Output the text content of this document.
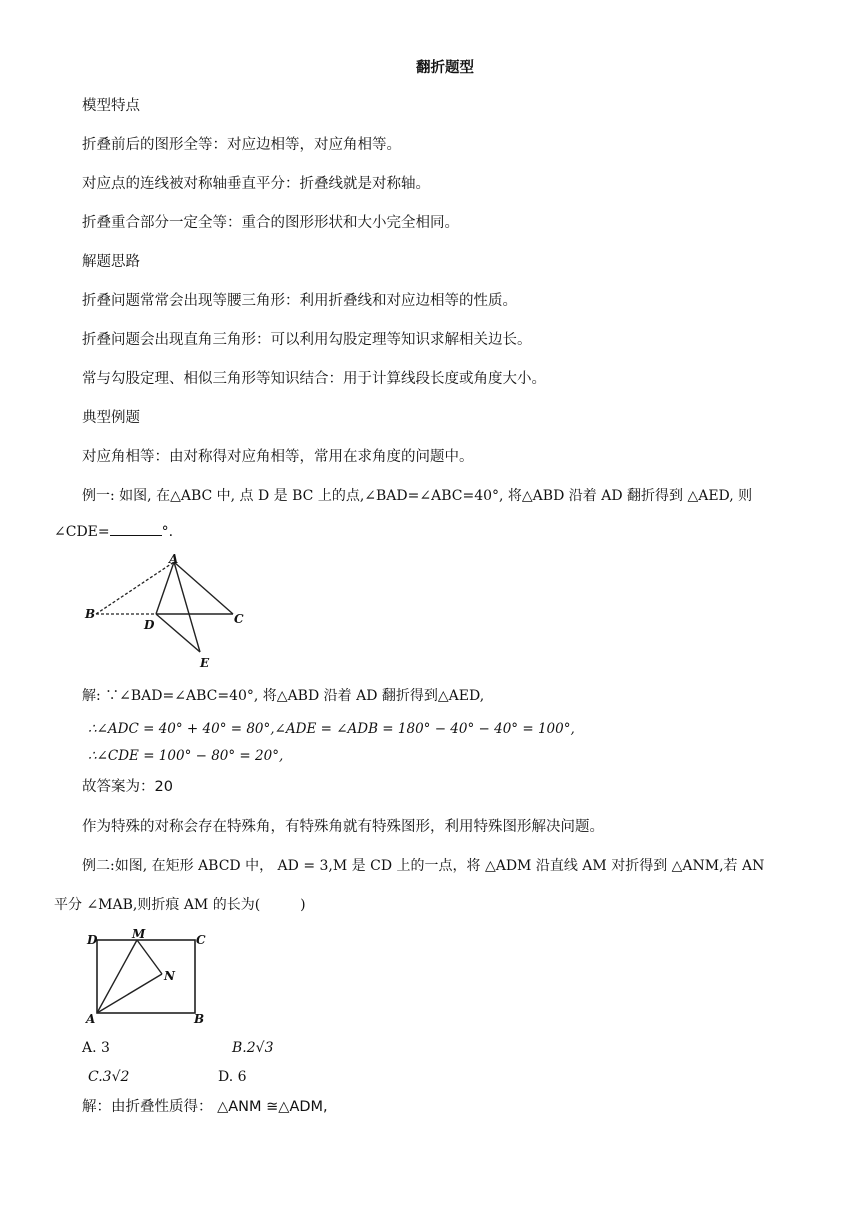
翻折题型
模型特点
折叠前后的图形全等：对应边相等，对应角相等。
对应点的连线被对称轴垂直平分：折叠线就是对称轴。
折叠重合部分一定全等：重合的图形形状和大小完全相同。
解题思路
折叠问题常常会出现等腰三角形：利用折叠线和对应边相等的性质。
折叠问题会出现直角三角形：可以利用勾股定理等知识求解相关边长。
常与勾股定理、相似三角形等知识结合：用于计算线段长度或角度大小。
典型例题
对应角相等：由对称得对应角相等，常用在求角度的问题中。
例一: 如图, 在△ABC 中, 点 D 是 BC 上的点,∠BAD=∠ABC=40°, 将△ABD 沿着 AD 翻折得到 △AED, 则
∠CDE=	°.
A
B	C
D
E
解: ∵∠BAD=∠ABC=40°, 将△ABD 沿着 AD 翻折得到△AED,
∴∠ADC = 40° + 40° = 80°,∠ADE = ∠ADB = 180° − 40° − 40° = 100°,
∴∠CDE = 100° − 80° = 20°,
故答案为：20
作为特殊的对称会存在特殊角，有特殊角就有特殊图形，利用特殊图形解决问题。
例二:如图, 在矩形 ABCD 中， AD = 3,M 是 CD 上的一点，将 △ADM 沿直线 AM 对折得到 △ANM,若 AN
平分 ∠MAB,则折痕 AM 的长为(	)
D	M	C
N
A	B
A. 3	B.2√3
C.3√2	D. 6
解：由折叠性质得： △ANM ≅△ADM,
